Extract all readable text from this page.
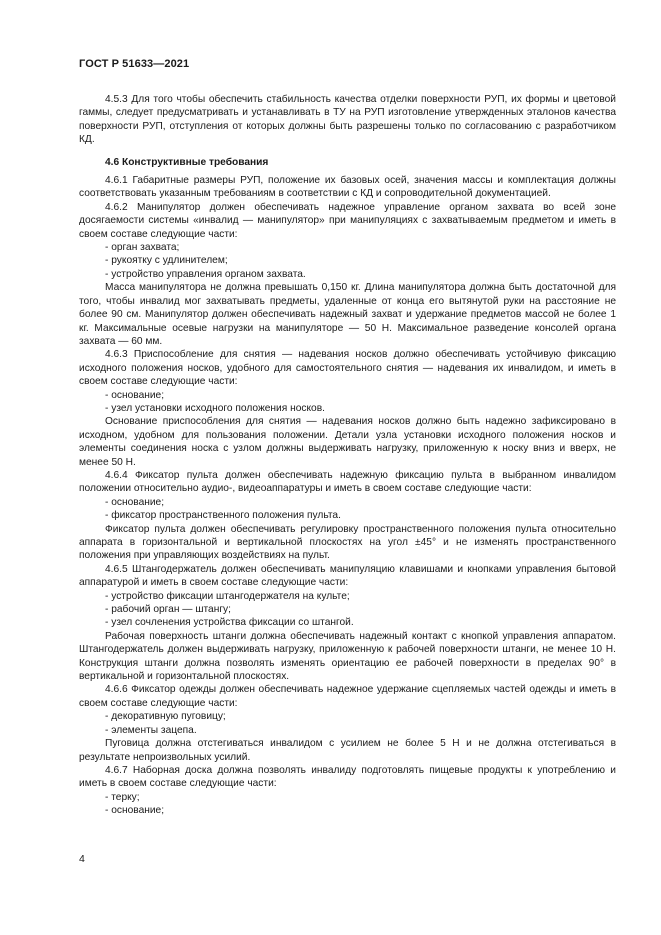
ГОСТ Р 51633—2021

4.5.3 Для того чтобы обеспечить стабильность качества отделки поверхности РУП, их формы и цветовой гаммы, следует предусматривать и устанавливать в ТУ на РУП изготовление утвержденных эталонов качества поверхности РУП, отступления от которых должны быть разрешены только по согласованию с разработчиком КД.

4.6 Конструктивные требования

4.6.1 Габаритные размеры РУП, положение их базовых осей, значения массы и комплектация должны соответствовать указанным требованиям в соответствии с КД и сопроводительной документацией.

4.6.2 Манипулятор должен обеспечивать надежное управление органом захвата во всей зоне досягаемости системы «инвалид — манипулятор» при манипуляциях с захватываемым предметом и иметь в своем составе следующие части:

- орган захвата;

- рукоятку с удлинителем;

- устройство управления органом захвата.

Масса манипулятора не должна превышать 0,150 кг. Длина манипулятора должна быть достаточной для того, чтобы инвалид мог захватывать предметы, удаленные от конца его вытянутой руки на расстояние не более 90 см. Манипулятор должен обеспечивать надежный захват и удержание предметов массой не более 1 кг. Максимальные осевые нагрузки на манипуляторе — 50 Н. Максимальное разведение консолей органа захвата — 60 мм.

4.6.3 Приспособление для снятия — надевания носков должно обеспечивать устойчивую фиксацию исходного положения носков, удобного для самостоятельного снятия — надевания их инвалидом, и иметь в своем составе следующие части:

- основание;

- узел установки исходного положения носков.

Основание приспособления для снятия — надевания носков должно быть надежно зафиксировано в исходном, удобном для пользования положении. Детали узла установки исходного положения носков и элементы соединения носка с узлом должны выдерживать нагрузку, приложенную к носку вниз и вверх, не менее 50 Н.

4.6.4 Фиксатор пульта должен обеспечивать надежную фиксацию пульта в выбранном инвалидом положении относительно аудио-, видеоаппаратуры и иметь в своем составе следующие части:

- основание;

- фиксатор пространственного положения пульта.

Фиксатор пульта должен обеспечивать регулировку пространственного положения пульта относительно аппарата в горизонтальной и вертикальной плоскостях на угол ±45° и не изменять пространственного положения при управляющих воздействиях на пульт.

4.6.5 Штангодержатель должен обеспечивать манипуляцию клавишами и кнопками управления бытовой аппаратурой и иметь в своем составе следующие части:

- устройство фиксации штангодержателя на культе;

- рабочий орган — штангу;

- узел сочленения устройства фиксации со штангой.

Рабочая поверхность штанги должна обеспечивать надежный контакт с кнопкой управления аппаратом. Штангодержатель должен выдерживать нагрузку, приложенную к рабочей поверхности штанги, не менее 10 Н. Конструкция штанги должна позволять изменять ориентацию ее рабочей поверхности в пределах 90° в вертикальной и горизонтальной плоскостях.

4.6.6 Фиксатор одежды должен обеспечивать надежное удержание сцепляемых частей одежды и иметь в своем составе следующие части:

- декоративную пуговицу;

- элементы зацепа.

Пуговица должна отстегиваться инвалидом с усилием не более 5 Н и не должна отстегиваться в результате непроизвольных усилий.

4.6.7 Наборная доска должна позволять инвалиду подготовлять пищевые продукты к употреблению и иметь в своем составе следующие части:

- терку;

- основание;

4
